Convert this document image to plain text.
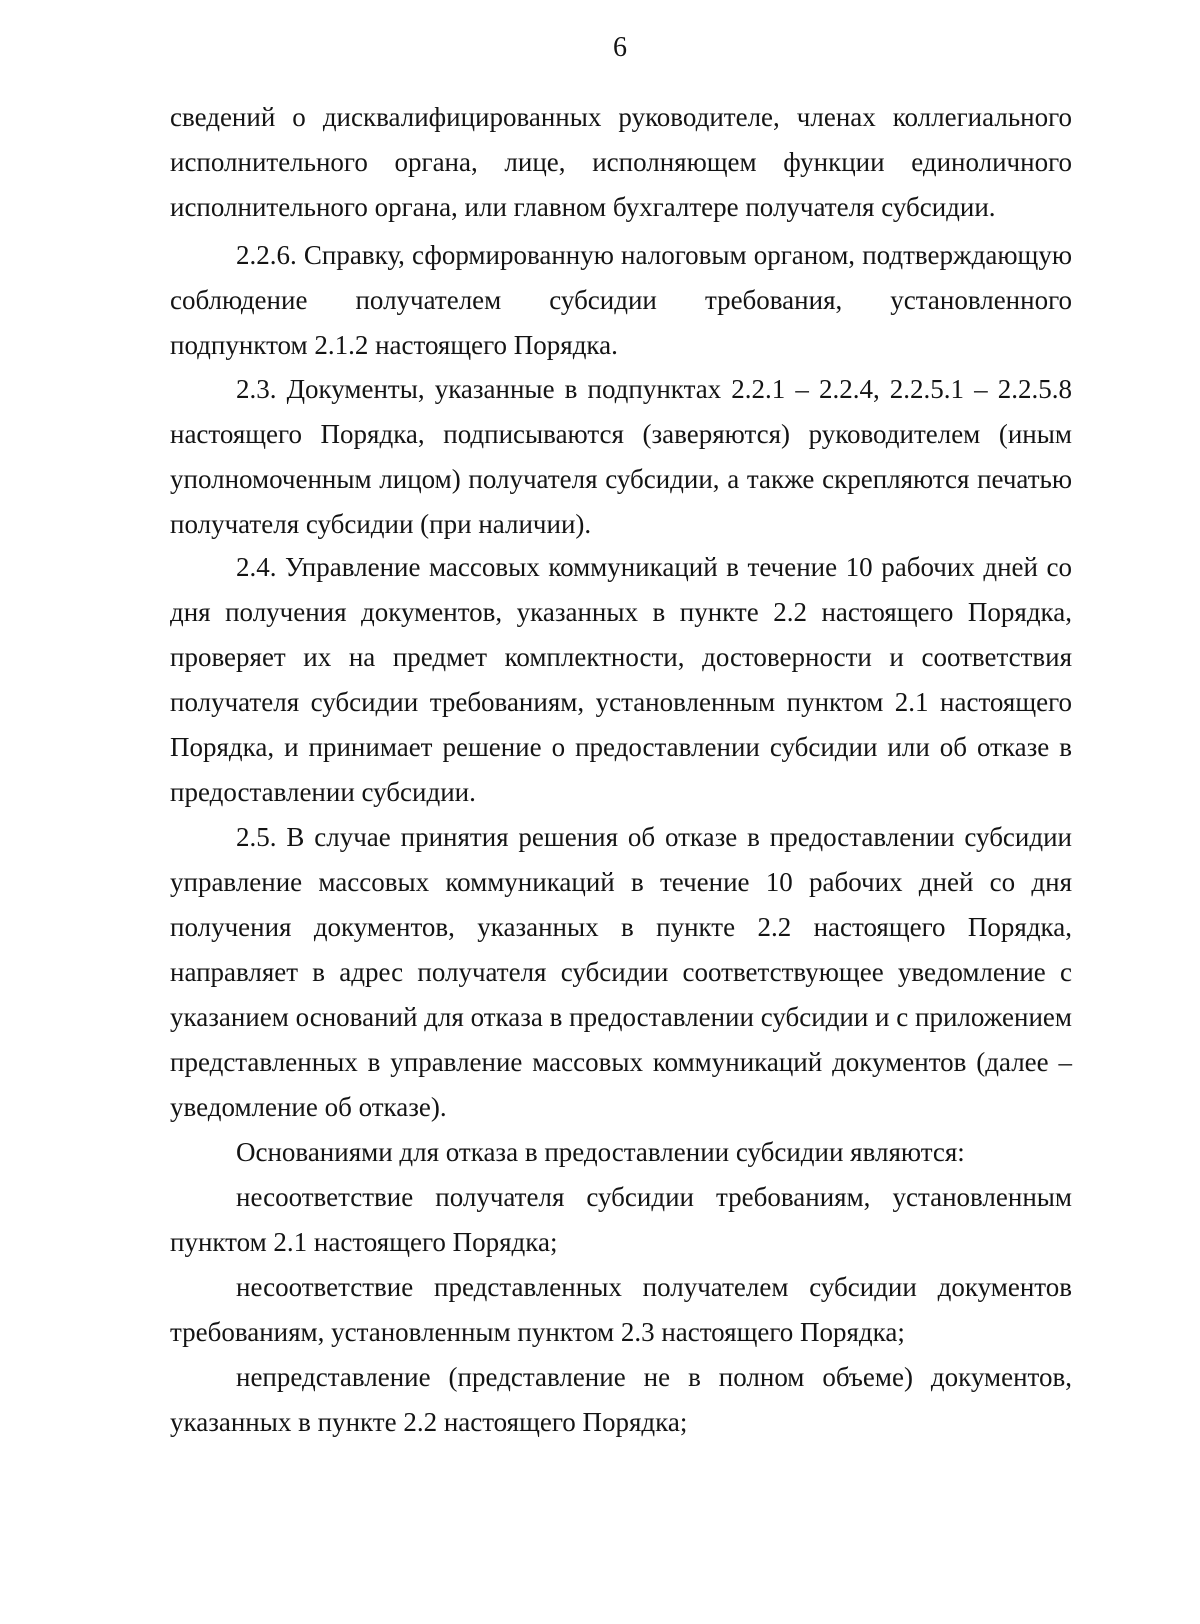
6
сведений о дисквалифицированных руководителе, членах коллегиального
исполнительного органа, лице, исполняющем функции единоличного
исполнительного органа, или главном бухгалтере получателя субсидии.
2.2.6. Справку, сформированную налоговым органом, подтверждающую
соблюдение получателем субсидии требования, установленного
подпунктом 2.1.2 настоящего Порядка.
2.3. Документы, указанные в подпунктах 2.2.1 – 2.2.4, 2.2.5.1 – 2.2.5.8
настоящего Порядка, подписываются (заверяются) руководителем (иным
уполномоченным лицом) получателя субсидии, а также скрепляются печатью
получателя субсидии (при наличии).
2.4. Управление массовых коммуникаций в течение 10 рабочих дней со
дня получения документов, указанных в пункте 2.2 настоящего Порядка,
проверяет их на предмет комплектности, достоверности и соответствия
получателя субсидии требованиям, установленным пунктом 2.1 настоящего
Порядка, и принимает решение о предоставлении субсидии или об отказе в
предоставлении субсидии.
2.5. В случае принятия решения об отказе в предоставлении субсидии
управление массовых коммуникаций в течение 10 рабочих дней со дня
получения документов, указанных в пункте 2.2 настоящего Порядка,
направляет в адрес получателя субсидии соответствующее уведомление с
указанием оснований для отказа в предоставлении субсидии и с приложением
представленных в управление массовых коммуникаций документов (далее –
уведомление об отказе).
Основаниями для отказа в предоставлении субсидии являются:
несоответствие получателя субсидии требованиям, установленным
пунктом 2.1 настоящего Порядка;
несоответствие представленных получателем субсидии документов
требованиям, установленным пунктом 2.3 настоящего Порядка;
непредставление (представление не в полном объеме) документов,
указанных в пункте 2.2 настоящего Порядка;
